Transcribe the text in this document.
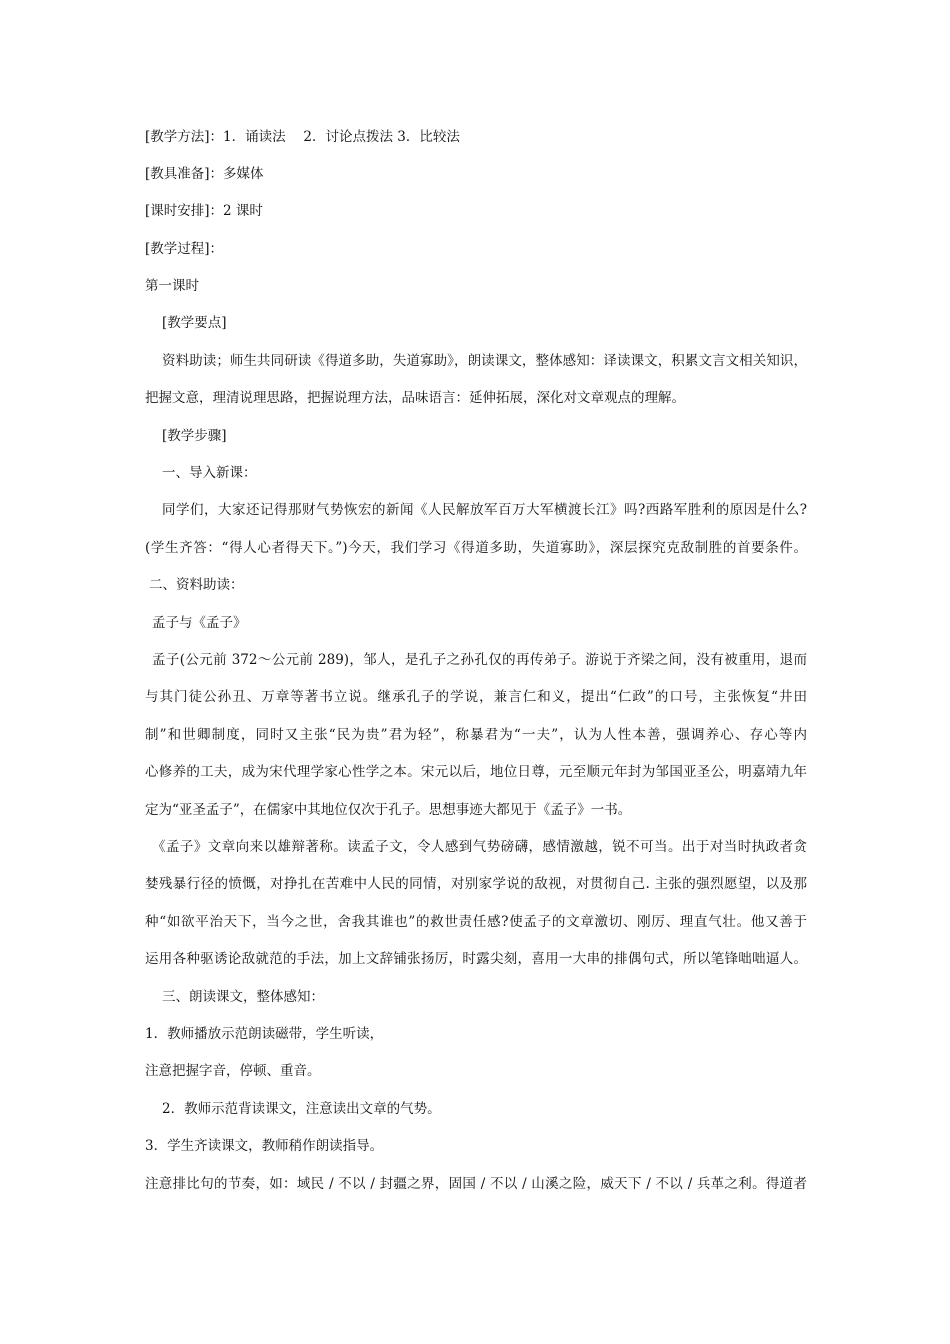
[教学方法]：1．诵读法　 2．讨论点拨法 3．比较法
[教具准备]：多媒体
[课时安排]：2 课时
[教学过程]：
第一课时
[教学要点]
资料助读；师生共同研读《得道多助，失道寡助》，朗读课文，整体感知：译读课文，积累文言文相关知识，
把握文意，理清说理思路，把握说理方法，品味语言：延伸拓展，深化对文章观点的理解。
[教学步骤]
一、导入新课：
同学们，大家还记得那财气势恢宏的新闻《人民解放军百万大军横渡长江》吗?西路军胜利的原因是什么?
(学生齐答：“得人心者得天下。”)今天，我们学习《得道多助，失道寡助》，深层探究克敌制胜的首要条件。
二、资料助读：
孟子与《孟子》
孟子(公元前 372～公元前 289)，邹人，是孔子之孙孔仅的再传弟子。游说于齐梁之间，没有被重用，退而
与其门徒公孙丑、万章等著书立说。继承孔子的学说，兼言仁和义，提出“仁政”的口号，主张恢复“井田
制”和世卿制度，同时又主张“民为贵”君为轻”，称暴君为“一夫”，认为人性本善，强调养心、存心等内
心修养的工夫，成为宋代理学家心性学之本。宋元以后，地位日尊，元至顺元年封为邹国亚圣公，明嘉靖九年
定为“亚圣孟子”，在儒家中其地位仅次于孔子。思想事迹大都见于《孟子》一书。
《孟子》文章向来以雄辩著称。读孟子文，令人感到气势磅礴，感情激越，锐不可当。出于对当时执政者贪
婪残暴行径的愤慨，对挣扎在苦难中人民的同情，对别家学说的敌视，对贯彻自己. 主张的强烈愿望，以及那
种“如欲平治天下，当今之世，舍我其谁也”的救世责任感?使孟子的文章激切、刚厉、理直气壮。他又善于
运用各种驱诱论敌就范的手法，加上文辞铺张扬厉，时露尖刻，喜用一大串的排偶句式，所以笔锋咄咄逼人。
三、朗读课文，整体感知：
1．教师播放示范朗读磁带，学生听读，
注意把握字音，停顿、重音。
2．教师示范背读课文，注意读出文章的气势。
3．学生齐读课文，教师稍作朗读指导。
注意排比句的节奏，如：域民 / 不以 / 封疆之界，固国 / 不以 / 山溪之险，威天下 / 不以 / 兵革之利。得道者
